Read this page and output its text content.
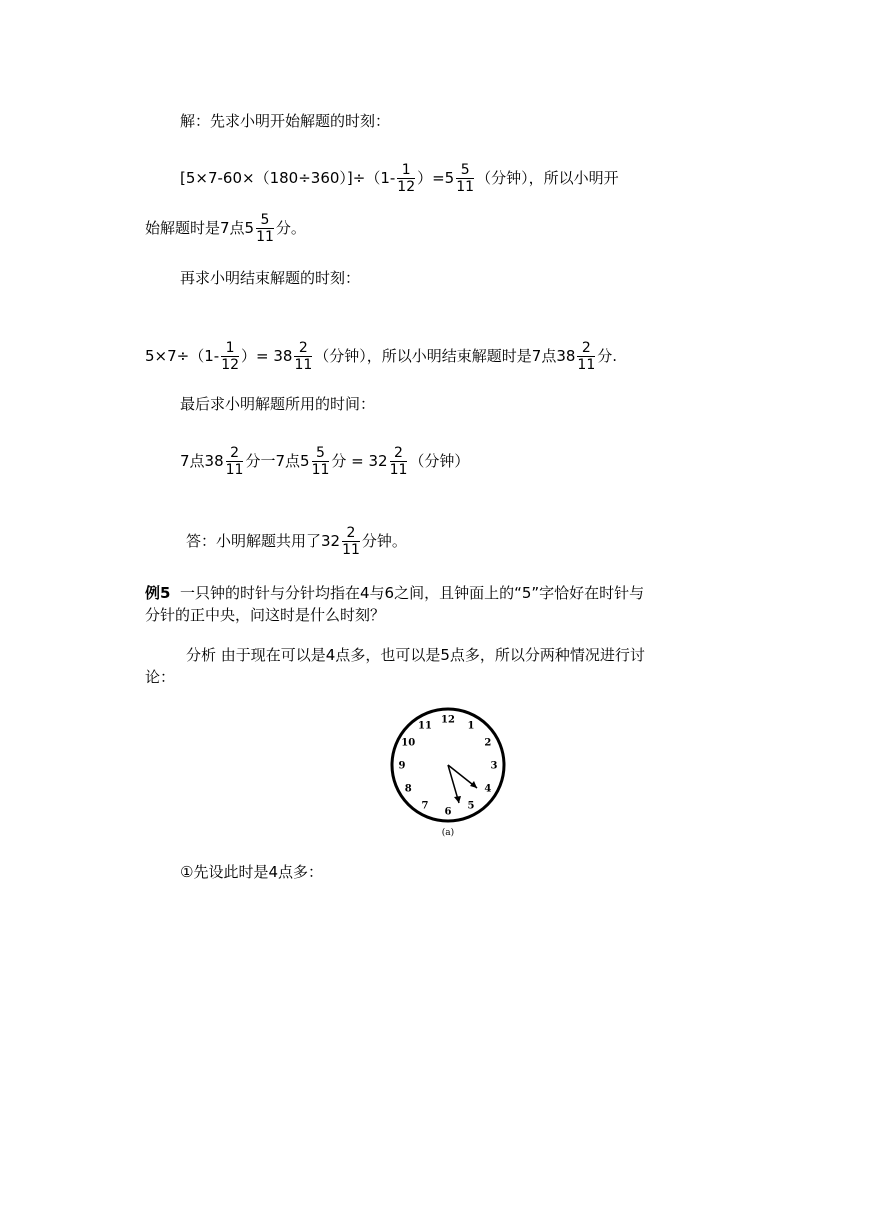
解：先求小明开始解题的时刻：
$[5\times 7-60\times(180\div 360)]\div(1- \frac{1}{12} )=5 \frac{5}{11}$ （分钟），所以小明开
始解题时是7点$5 \frac{5}{11}$ 分。
再求小明结束解题的时刻：
$5\times 7\div(1- \frac{1}{12}$ ）= $38 \frac{2}{11}$ （分钟），所以小明结束解题时是7点$38 \frac{2}{11}$ 分.
最后求小明解题所用的时间：
7点$38 \frac{2}{11}$ 分一7点$5 \frac{5}{11}$ 分 = $32 \frac{2}{11}$ （分钟）
答：小明解题共用了$32 \frac{2}{11}$ 分钟。
例5 一只钟的时针与分针均指在4与6之间，且钟面上的“5”字恰好在时针与
分针的正中央，问这时是什么时刻？
分析 由于现在可以是4点多，也可以是5点多，所以分两种情况进行讨
论：
12
1
2
3
4
5
6
7
8
9
10
11
(a)
①先设此时是4点多：
